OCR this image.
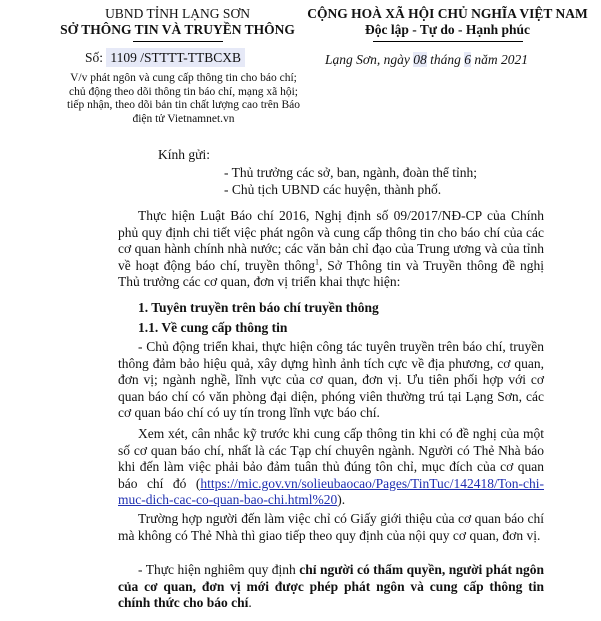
UBND TỈNH LẠNG SƠN
SỞ THÔNG TIN VÀ TRUYỀN THÔNG
CỘNG HOÀ XÃ HỘI CHỦ NGHĨA VIỆT NAM
Độc lập - Tự do - Hạnh phúc
Số: 1109 /STTTT-TTBCXB	Lạng Sơn, ngày 08 tháng 6 năm 2021
V/v phát ngôn và cung cấp thông tin cho báo chí; chủ động theo dõi thông tin báo chí, mạng xã hội; tiếp nhận, theo dõi bản tin chất lượng cao trên Báo điện tử Vietnamnet.vn
Kính gửi:
- Thủ trưởng các sở, ban, ngành, đoàn thể tỉnh;
- Chủ tịch UBND các huyện, thành phố.

Thực hiện Luật Báo chí 2016, Nghị định số 09/2017/NĐ-CP của Chính phủ quy định chi tiết việc phát ngôn và cung cấp thông tin cho báo chí của các cơ quan hành chính nhà nước; các văn bản chỉ đạo của Trung ương và của tỉnh về hoạt động báo chí, truyền thông$^1$, Sở Thông tin và Truyền thông đề nghị Thủ trưởng các cơ quan, đơn vị triển khai thực hiện:

1. Tuyên truyền trên báo chí truyền thông
1.1. Về cung cấp thông tin

- Chủ động triển khai, thực hiện công tác tuyên truyền trên báo chí, truyền thông đảm bảo hiệu quả, xây dựng hình ảnh tích cực về địa phương, cơ quan, đơn vị; ngành nghề, lĩnh vực của cơ quan, đơn vị. Ưu tiên phối hợp với cơ quan báo chí có văn phòng đại diện, phóng viên thường trú tại Lạng Sơn, các cơ quan báo chí có uy tín trong lĩnh vực báo chí.

Xem xét, cân nhắc kỹ trước khi cung cấp thông tin khi có đề nghị của một số cơ quan báo chí, nhất là các Tạp chí chuyên ngành. Người có Thẻ Nhà báo khi đến làm việc phải bảo đảm tuân thủ đúng tôn chỉ, mục đích của cơ quan báo chí đó (https://mic.gov.vn/solieubaocao/Pages/TinTuc/142418/Ton-chi-muc-dich-cac-co-quan-bao-chi.html%20).

Trường hợp người đến làm việc chỉ có Giấy giới thiệu của cơ quan báo chí mà không có Thẻ Nhà thì giao tiếp theo quy định của nội quy cơ quan, đơn vị.

- Thực hiện nghiêm quy định chỉ người có thẩm quyền, người phát ngôn của cơ quan, đơn vị mới được phép phát ngôn và cung cấp thông tin chính thức cho báo chí.
